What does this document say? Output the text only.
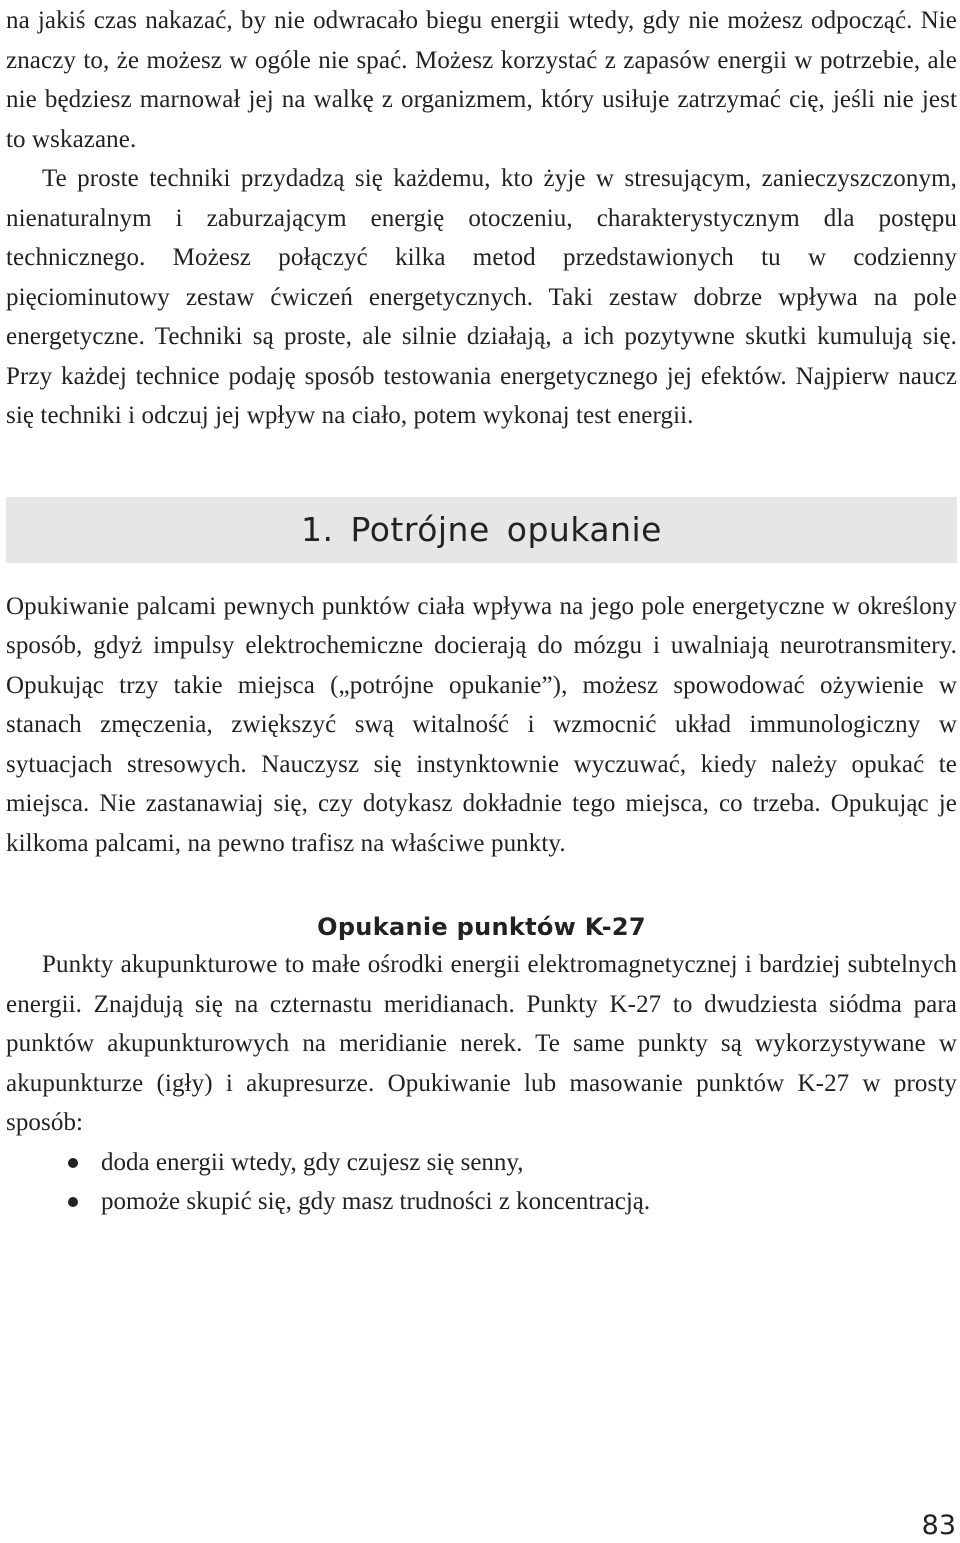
na jakiś czas nakazać, by nie odwracało biegu energii wtedy, gdy nie możesz odpocząć. Nie znaczy to, że możesz w ogóle nie spać. Możesz korzystać z zapasów energii w potrzebie, ale nie będziesz marnował jej na walkę z organizmem, który usiłuje zatrzymać cię, jeśli nie jest to wskazane.

Te proste techniki przydadzą się każdemu, kto żyje w stresującym, zanieczyszczonym, nienaturalnym i zaburzającym energię otoczeniu, charakterystycznym dla postępu technicznego. Możesz połączyć kilka metod przedstawionych tu w codzienny pięciominutowy zestaw ćwiczeń energetycznych. Taki zestaw dobrze wpływa na pole energetyczne. Techniki są proste, ale silnie działają, a ich pozytywne skutki kumulują się. Przy każdej technice podaję sposób testowania energetycznego jej efektów. Najpierw naucz się techniki i odczuj jej wpływ na ciało, potem wykonaj test energii.

1. Potrójne opukanie

Opukiwanie palcami pewnych punktów ciała wpływa na jego pole energetyczne w określony sposób, gdyż impulsy elektrochemiczne docierają do mózgu i uwalniają neurotransmitery. Opukując trzy takie miejsca („potrójne opukanie”), możesz spowodować ożywienie w stanach zmęczenia, zwiększyć swą witalność i wzmocnić układ immunologiczny w sytuacjach stresowych. Nauczysz się instynktownie wyczuwać, kiedy należy opukać te miejsca. Nie zastanawiaj się, czy dotykasz dokładnie tego miejsca, co trzeba. Opukując je kilkoma palcami, na pewno trafisz na właściwe punkty.

Opukanie punktów K-27

Punkty akupunkturowe to małe ośrodki energii elektromagnetycznej i bardziej subtelnych energii. Znajdują się na czternastu meridianach. Punkty K-27 to dwudziesta siódma para punktów akupunkturowych na meridianie nerek. Te same punkty są wykorzystywane w akupunkturze (igły) i akupresurze. Opukiwanie lub masowanie punktów K-27 w prosty sposób:

doda energii wtedy, gdy czujesz się senny,
pomoże skupić się, gdy masz trudności z koncentracją.
83
